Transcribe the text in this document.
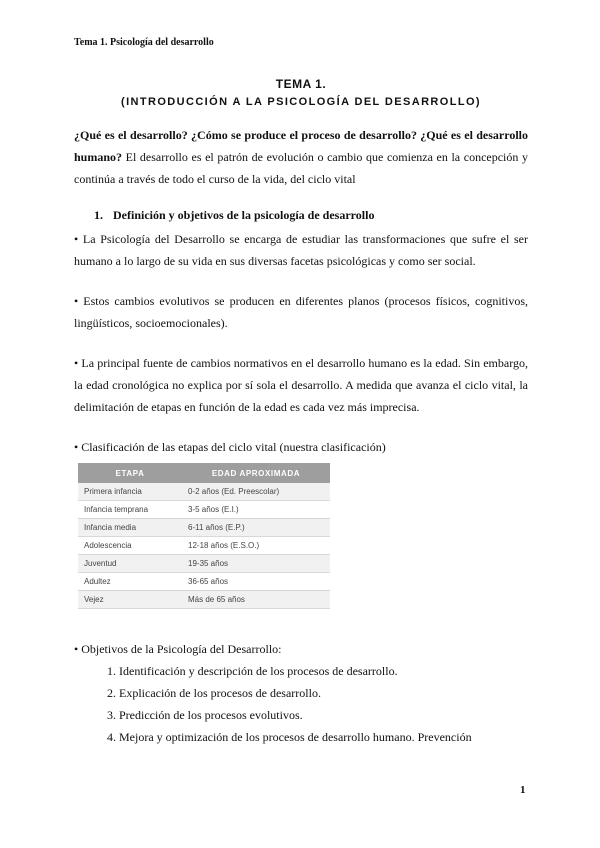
Tema 1. Psicología del desarrollo
TEMA 1.
(INTRODUCCIÓN A LA PSICOLOGÍA DEL DESARROLLO)
¿Qué es el desarrollo? ¿Cómo se produce el proceso de desarrollo? ¿Qué es el desarrollo humano? El desarrollo es el patrón de evolución o cambio que comienza en la concepción y continúa a través de todo el curso de la vida, del ciclo vital
1. Definición y objetivos de la psicología de desarrollo
• La Psicología del Desarrollo se encarga de estudiar las transformaciones que sufre el ser humano a lo largo de su vida en sus diversas facetas psicológicas y como ser social.
• Estos cambios evolutivos se producen en diferentes planos (procesos físicos, cognitivos, lingüísticos, socioemocionales).
• La principal fuente de cambios normativos en el desarrollo humano es la edad. Sin embargo, la edad cronológica no explica por sí sola el desarrollo. A medida que avanza el ciclo vital, la delimitación de etapas en función de la edad es cada vez más imprecisa.
• Clasificación de las etapas del ciclo vital (nuestra clasificación)
ETAPA	EDAD APROXIMADA
Primera infancia	0-2 años (Ed. Preescolar)
Infancia temprana	3-5 años (E.I.)
Infancia media	6-11 años (E.P.)
Adolescencia	12-18 años (E.S.O.)
Juventud	19-35 años
Adultez	36-65 años
Vejez	Más de 65 años
• Objetivos de la Psicología del Desarrollo:
1. Identificación y descripción de los procesos de desarrollo.
2. Explicación de los procesos de desarrollo.
3. Predicción de los procesos evolutivos.
4. Mejora y optimización de los procesos de desarrollo humano. Prevención
1
